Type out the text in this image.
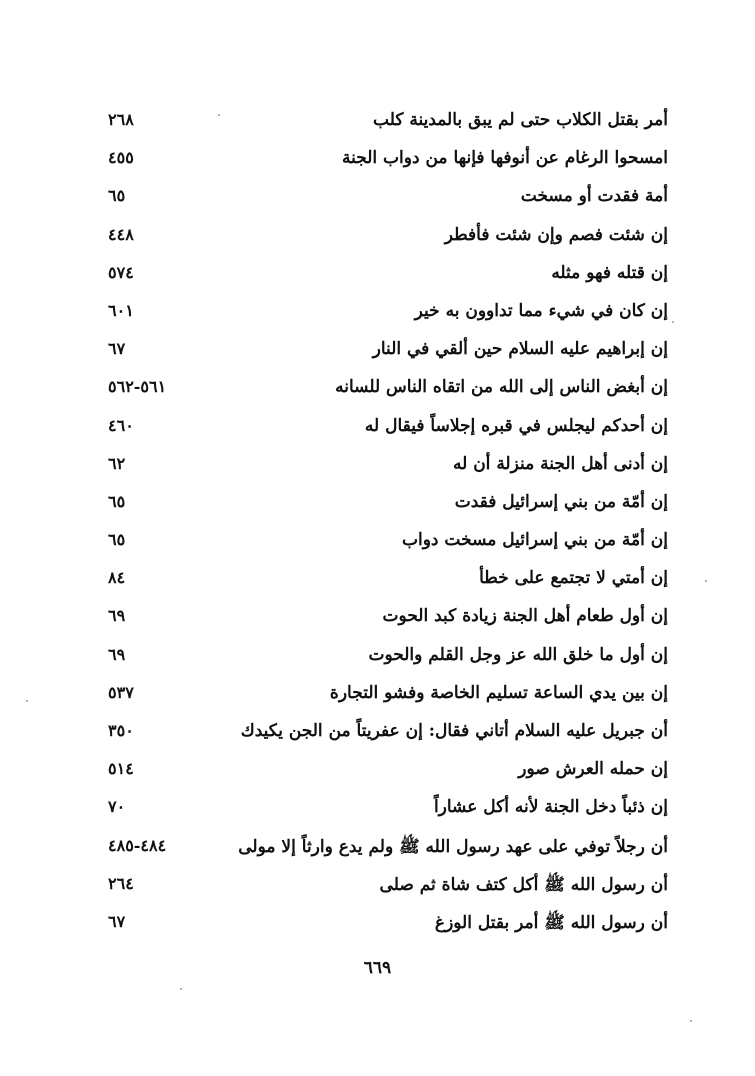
أمر بقتل الكلاب حتى لم يبق بالمدينة كلب
٢٦٨
امسحوا الرغام عن أنوفها فإنها من دواب الجنة
٤٥٥
أمة فقدت أو مسخت
٦٥
إن شئت فصم وإن شئت فأفطر
٤٤٨
إن قتله فهو مثله
٥٧٤
إن كان في شيء مما تداوون به خير
٦٠١
إن إبراهيم عليه السلام حين ألقي في النار
٦٧
إن أبغض الناس إلى الله من اتقاه الناس للسانه
٥٦١-٥٦٢
إن أحدكم ليجلس في قبره إجلاساً فيقال له
٤٦٠
إن أدنى أهل الجنة منزلة أن له
٦٢
إن أمّة من بني إسرائيل فقدت
٦٥
إن أمّة من بني إسرائيل مسخت دواب
٦٥
إن أمتي لا تجتمع على خطأ
٨٤
إن أول طعام أهل الجنة زيادة كبد الحوت
٦٩
إن أول ما خلق الله عز وجل القلم والحوت
٦٩
إن بين يدي الساعة تسليم الخاصة وفشو التجارة
٥٣٧
أن جبريل عليه السلام أتاني فقال: إن عفريتاً من الجن يكيدك
٣٥٠
إن حمله العرش صور
٥١٤
إن ذئباً دخل الجنة لأنه أكل عشاراً
٧٠
أن رجلاً توفي على عهد رسول الله ﷺ ولم يدع وارثاً إلا مولى
٤٨٤-٤٨٥
أن رسول الله ﷺ أكل كتف شاة ثم صلى
٢٦٤
أن رسول الله ﷺ أمر بقتل الوزغ
٦٧
٦٦٩
